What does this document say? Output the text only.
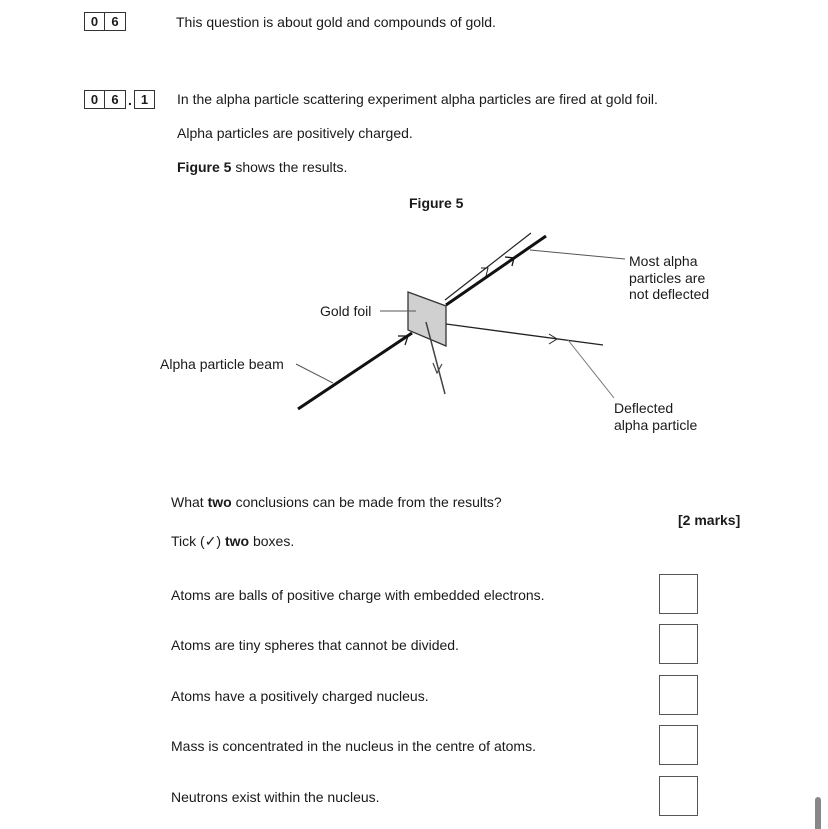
0	6	This question is about gold and compounds of gold.
0	6 . 1	In the alpha particle scattering experiment alpha particles are fired at gold foil.
Alpha particles are positively charged.
Figure 5 shows the results.
Figure 5
Gold foil
Alpha particle beam
Most alpha
particles are
not deflected
Deflected
alpha particle
What two conclusions can be made from the results?
[2 marks]
Tick (✓) two boxes.
Atoms are balls of positive charge with embedded electrons.
Atoms are tiny spheres that cannot be divided.
Atoms have a positively charged nucleus.
Mass is concentrated in the nucleus in the centre of atoms.
Neutrons exist within the nucleus.
